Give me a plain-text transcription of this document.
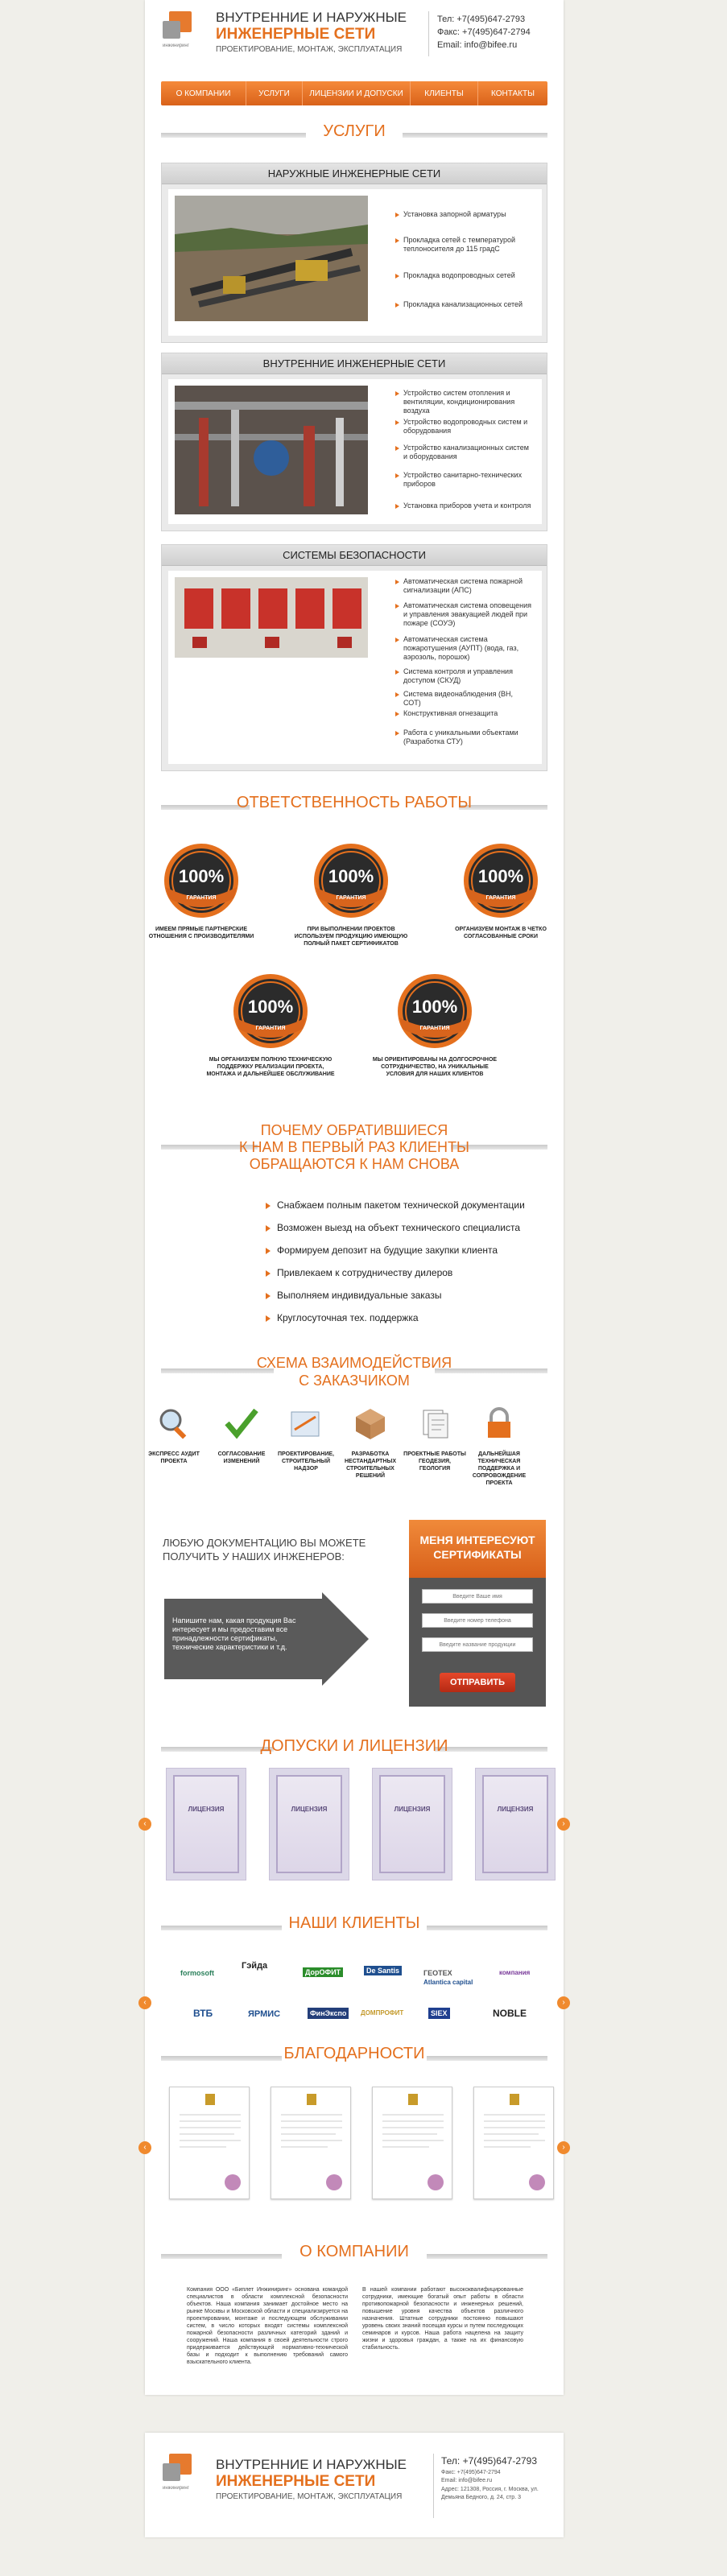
Биплет
инжиниринг
ВНУТРЕННИЕ И НАРУЖНЫЕ
ИНЖЕНЕРНЫЕ СЕТИ
ПРОЕКТИРОВАНИЕ, МОНТАЖ, ЭКСПЛУАТАЦИЯ
Тел: +7(495)647-2793
Факс: +7(495)647-2794
Email: info@bifee.ru
О КОМПАНИИ	УСЛУГИ	ЛИЦЕНЗИИ И ДОПУСКИ	КЛИЕНТЫ	КОНТАКТЫ
УСЛУГИ
НАРУЖНЫЕ ИНЖЕНЕРНЫЕ СЕТИ
Установка запорной арматуры
Прокладка сетей с температурой теплоносителя до 115 градС
Прокладка водопроводных сетей
Прокладка канализационных сетей
ВНУТРЕННИЕ ИНЖЕНЕРНЫЕ СЕТИ
Устройство систем отопления и вентиляции, кондиционирования воздуха
Устройство водопроводных систем и оборудования
Устройство канализационных систем и оборудования
Устройство санитарно-технических приборов
Установка приборов учета и контроля
СИСТЕМЫ БЕЗОПАСНОСТИ
Автоматическая система пожарной сигнализации (АПС)
Автоматическая система оповещения и управления эвакуацией людей при пожаре (СОУЭ)
Автоматическая система пожаротушения (АУПТ) (вода, газ, аэрозоль, порошок)
Система контроля и управления доступом (СКУД)
Система видеонаблюдения (ВН, СОТ)
Конструктивная огнезащита
Работа с уникальными объектами (Разработка СТУ)
ОТВЕТСТВЕННОСТЬ РАБОТЫ
100%
ГАРАНТИЯ
ИМЕЕМ ПРЯМЫЕ ПАРТНЕРСКИЕ ОТНОШЕНИЯ С ПРОИЗВОДИТЕЛЯМИ
100%
ГАРАНТИЯ
ПРИ ВЫПОЛНЕНИИ ПРОЕКТОВ ИСПОЛЬЗУЕМ ПРОДУКЦИЮ ИМЕЮЩУЮ ПОЛНЫЙ ПАКЕТ СЕРТИФИКАТОВ
100%
ГАРАНТИЯ
ОРГАНИЗУЕМ МОНТАЖ В ЧЕТКО СОГЛАСОВАННЫЕ СРОКИ
100%
ГАРАНТИЯ
МЫ ОРГАНИЗУЕМ ПОЛНУЮ ТЕХНИЧЕСКУЮ ПОДДЕРЖКУ РЕАЛИЗАЦИИ ПРОЕКТА, МОНТАЖА И ДАЛЬНЕЙШЕЕ ОБСЛУЖИВАНИЕ
100%
ГАРАНТИЯ
МЫ ОРИЕНТИРОВАНЫ НА ДОЛГОСРОЧНОЕ СОТРУДНИЧЕСТВО, НА УНИКАЛЬНЫЕ УСЛОВИЯ ДЛЯ НАШИХ КЛИЕНТОВ
ПОЧЕМУ ОБРАТИВШИЕСЯ
К НАМ В ПЕРВЫЙ РАЗ КЛИЕНТЫ
ОБРАЩАЮТСЯ К НАМ СНОВА
Снабжаем полным пакетом технической документации
Возможен выезд на объект технического специалиста
Формируем депозит на будущие закупки клиента
Привлекаем к сотрудничеству дилеров
Выполняем индивидуальные заказы
Круглосуточная тех. поддержка
СХЕМА ВЗАИМОДЕЙСТВИЯ
С ЗАКАЗЧИКОМ
ЭКСПРЕСС АУДИТ ПРОЕКТА
СОГЛАСОВАНИЕ ИЗМЕНЕНИЙ
ПРОЕКТИРОВАНИЕ, СТРОИТЕЛЬНЫЙ НАДЗОР
РАЗРАБОТКА НЕСТАНДАРТНЫХ СТРОИТЕЛЬНЫХ РЕШЕНИЙ
ПРОЕКТНЫЕ РАБОТЫ ГЕОДЕЗИЯ, ГЕОЛОГИЯ
ДАЛЬНЕЙШАЯ ТЕХНИЧЕСКАЯ ПОДДЕРЖКА И СОПРОВОЖДЕНИЕ ПРОЕКТА
ЛЮБУЮ ДОКУМЕНТАЦИЮ ВЫ МОЖЕТЕ
ПОЛУЧИТЬ У НАШИХ ИНЖЕНЕРОВ:
Напишите нам, какая продукция Вас интересует и мы предоставим все принадлежности сертификаты, технические характеристики и т.д.
МЕНЯ ИНТЕРЕСУЮТ
СЕРТИФИКАТЫ
Введите Ваше имя
Введите номер телефона
Введите название продукции
ОТПРАВИТЬ
ДОПУСКИ И ЛИЦЕНЗИИ
‹	›
ЛИЦЕНЗИЯ	ЛИЦЕНЗИЯ	ЛИЦЕНЗИЯ	ЛИЦЕНЗИЯ
НАШИ КЛИЕНТЫ
‹	›
formosoft
Гэйда
ДорОФИТ	De Santis	ГЕОТЕХ
Atlantica capital
компания
ВТБ	ЯРМИС	ФинЭкспо	ДОМПРОФИТ	SIEX	NOBLE
БЛАГОДАРНОСТИ
‹	›
О КОМПАНИИ
Компания ООО «Биплет Инжиниринг» основана командой специалистов в области комплексной безопасности объектов. Наша компания занимает достойное место на рынке Москвы и Московской области и специализируется на проектировании, монтаже и последующем обслуживании систем, в число которых входят системы комплексной пожарной безопасности различных категорий зданий и сооружений. Наша компания в своей деятельности строго придерживается действующей нормативно-технической базы и подходит к выполнению требований самого взыскательного клиента.
В нашей компании работают высококвалифицированные сотрудники, имеющие богатый опыт работы в области противопожарной безопасности и инженерных решений, повышение уровня качества объектов различного назначения. Штатные сотрудники постоянно повышают уровень своих знаний посещая курсы и путем последующих семинаров и курсов. Наша работа нацелена на защиту жизни и здоровья граждан, а также на их финансовую стабильность.
Биплет
инжиниринг
ВНУТРЕННИЕ И НАРУЖНЫЕ
ИНЖЕНЕРНЫЕ СЕТИ
ПРОЕКТИРОВАНИЕ, МОНТАЖ, ЭКСПЛУАТАЦИЯ
Тел: +7(495)647-2793
Факс: +7(495)647-2794
Email: info@bifee.ru
Адрес: 121308, Россия, г. Москва, ул. Демьяна Бедного, д. 24, стр. 3
